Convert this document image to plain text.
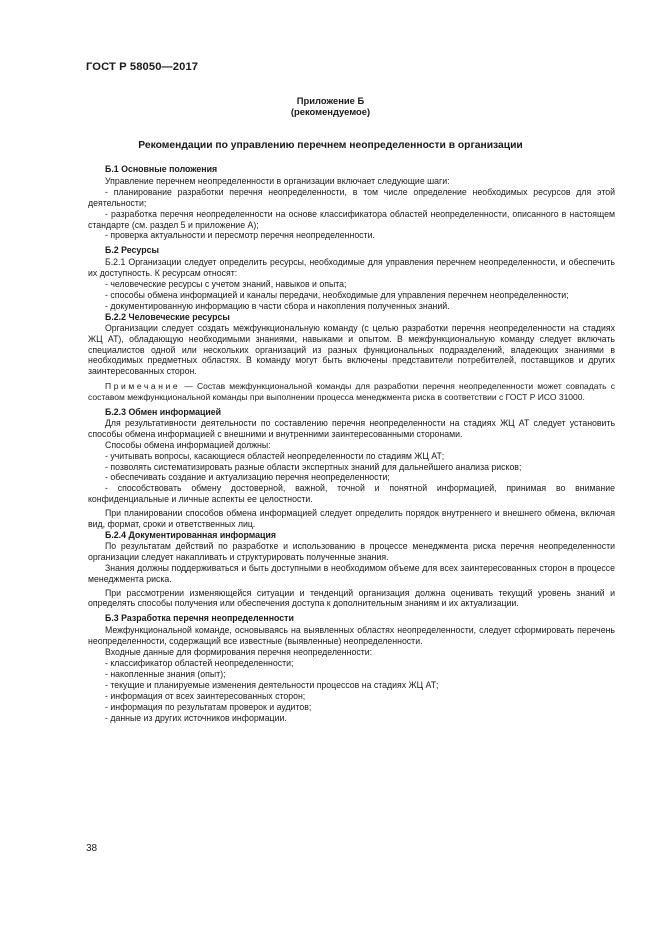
ГОСТ Р 58050—2017
Приложение Б
(рекомендуемое)
Рекомендации по управлению перечнем неопределенности в организации
Б.1 Основные положения

Управление перечнем неопределенности в организации включает следующие шаги:

- планирование разработки перечня неопределенности, в том числе определение необходимых ресурсов для этой деятельности;

- разработка перечня неопределенности на основе классификатора областей неопределенности, описанного в настоящем стандарте (см. раздел 5 и приложение А);

- проверка актуальности и пересмотр перечня неопределенности.

Б.2 Ресурсы

Б.2.1 Организации следует определить ресурсы, необходимые для управления перечнем неопределенности, и обеспечить их доступность. К ресурсам относят:

- человеческие ресурсы с учетом знаний, навыков и опыта;

- способы обмена информацией и каналы передачи, необходимые для управления перечнем неопределенности;

- документированную информацию в части сбора и накопления полученных знаний.

Б.2.2 Человеческие ресурсы

Организации следует создать межфункциональную команду (с целью разработки перечня неопределенности на стадиях ЖЦ АТ), обладающую необходимыми знаниями, навыками и опытом. В межфункциональную команду следует включать специалистов одной или нескольких организаций из разных функциональных подразделений, владеющих знаниями в необходимых предметных областях. В команду могут быть включены представители потребителей, поставщиков и других заинтересованных сторон.

Примечание — Состав межфункциональной команды для разработки перечня неопределенности может совпадать с составом межфункциональной команды при выполнении процесса менеджмента риска в соответствии с ГОСТ Р ИСО 31000.

Б.2.3 Обмен информацией

Для результативности деятельности по составлению перечня неопределенности на стадиях ЖЦ АТ следует установить способы обмена информацией с внешними и внутренними заинтересованными сторонами.

Способы обмена информацией должны:

- учитывать вопросы, касающиеся областей неопределенности по стадиям ЖЦ АТ;

- позволять систематизировать разные области экспертных знаний для дальнейшего анализа рисков;

- обеспечивать создание и актуализацию перечня неопределенности;

- способствовать обмену достоверной, важной, точной и понятной информацией, принимая во внимание конфиденциальные и личные аспекты ее целостности.

При планировании способов обмена информацией следует определить порядок внутреннего и внешнего обмена, включая вид, формат, сроки и ответственных лиц.

Б.2.4 Документированная информация

По результатам действий по разработке и использованию в процессе менеджмента риска перечня неопределенности организации следует накапливать и структурировать полученные знания.

Знания должны поддерживаться и быть доступными в необходимом объеме для всех заинтересованных сторон в процессе менеджмента риска.

При рассмотрении изменяющейся ситуации и тенденций организация должна оценивать текущий уровень знаний и определять способы получения или обеспечения доступа к дополнительным знаниям и их актуализации.

Б.3 Разработка перечня неопределенности

Межфункциональной команде, основываясь на выявленных областях неопределенности, следует сформировать перечень неопределенности, содержащий все известные (выявленные) неопределенности.

Входные данные для формирования перечня неопределенности:

- классификатор областей неопределенности;

- накопленные знания (опыт);

- текущие и планируемые изменения деятельности процессов на стадиях ЖЦ АТ;

- информация от всех заинтересованных сторон;

- информация по результатам проверок и аудитов;

- данные из других источников информации.

38
